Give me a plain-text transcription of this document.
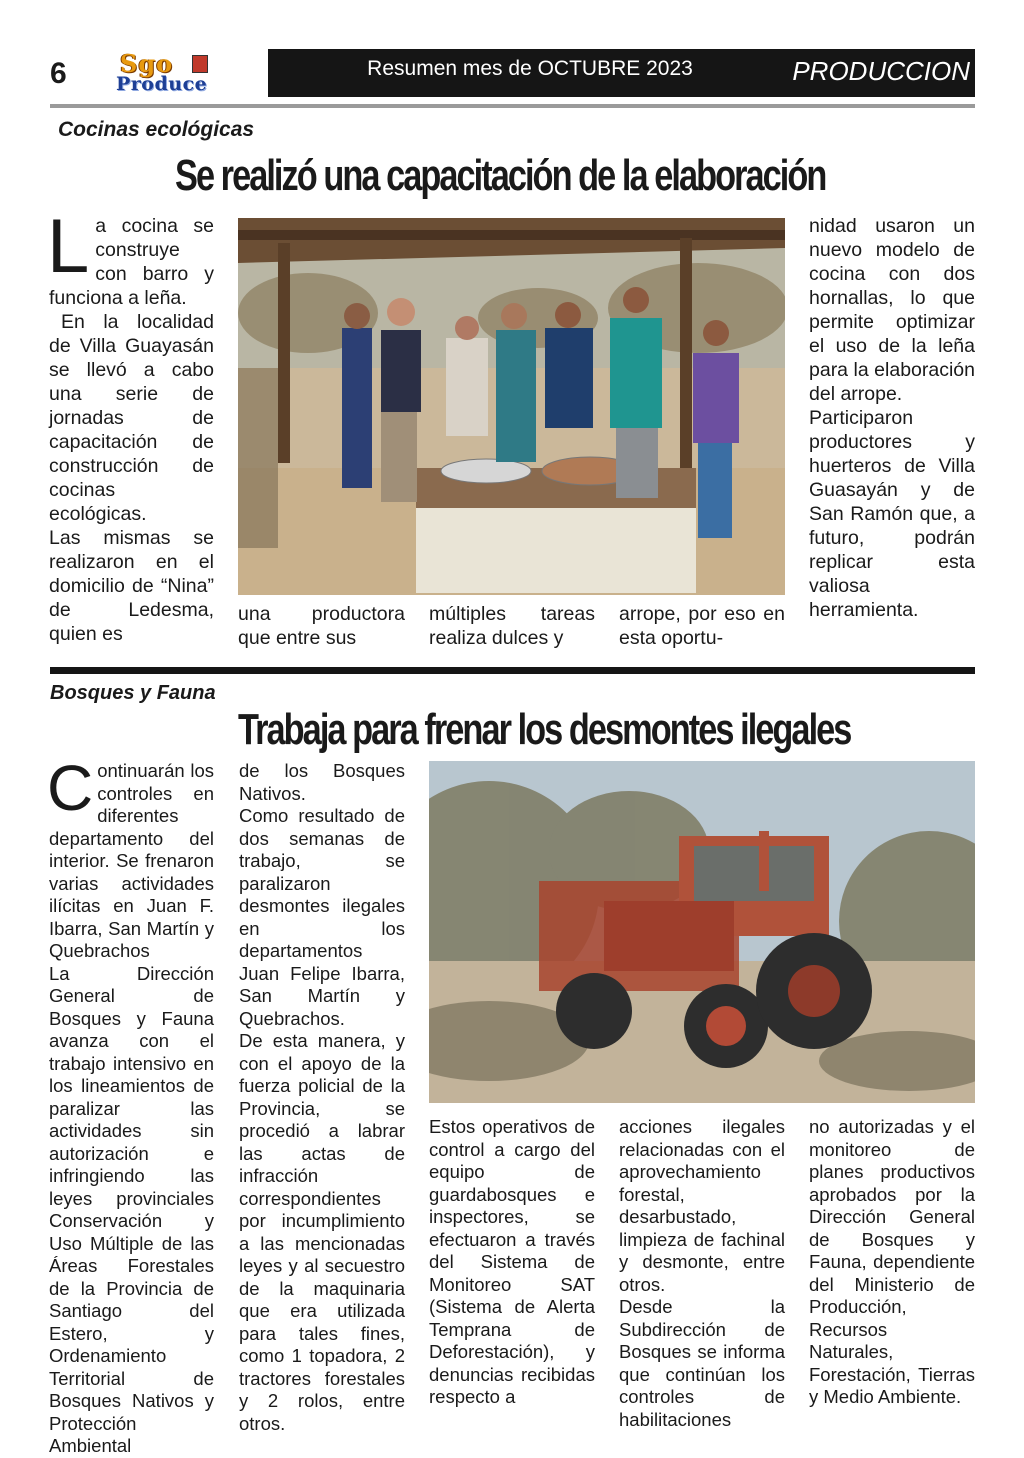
6	Sgo
Produce
Resumen mes de OCTUBRE 2023	PRODUCCION
Cocinas ecológicas
Se realizó una capacitación de la elaboración
L a cocina se construye con barro y funciona a leña.

En la localidad de Villa Guayasán se llevó a cabo una serie de jornadas de capacitación de construcción de cocinas ecológicas.

Las mismas se realizaron en el domicilio de “Nina” de Ledesma, quien es

una productora que entre sus

múltiples tareas realiza dulces y

arrope, por eso en esta oportu-

nidad usaron un nuevo modelo de cocina con dos hornallas, lo que permite optimizar el uso de la leña para la elaboración del arrope.

Participaron productores y huerteros de Villa Guasayán y de San Ramón que, a futuro, podrán replicar esta valiosa herramienta.

Bosques y Fauna
Trabaja para frenar los desmontes ilegales
C ontinuarán los controles en diferentes departamento del interior. Se frenaron varias actividades ilícitas en Juan F. Ibarra, San Martín y Quebrachos

La Dirección General de Bosques y Fauna avanza con el trabajo intensivo en los lineamientos de paralizar las actividades sin autorización e infringiendo las leyes provinciales Conservación y Uso Múltiple de las Áreas Forestales de la Provincia de Santiago del Estero, y Ordenamiento Territorial de Bosques Nativos y Protección Ambiental

de los Bosques Nativos.

Como resultado de dos semanas de trabajo, se paralizaron desmontes ilegales en los departamentos Juan Felipe Ibarra, San Martín y Quebrachos.

De esta manera, y con el apoyo de la fuerza policial de la Provincia, se procedió a labrar las actas de infracción correspondientes por incumplimiento a las mencionadas leyes y al secuestro de la maquinaria que era utilizada para tales fines, como 1 topadora, 2 tractores forestales y 2 rolos, entre otros.

Estos operativos de control a cargo del equipo de guardabosques e inspectores, se efectuaron a través del Sistema de Monitoreo SAT (Sistema de Alerta Temprana de Deforestación), y denuncias recibidas respecto a

acciones ilegales relacionadas con el aprovechamiento forestal, desarbustado, limpieza de fachinal y desmonte, entre otros.

Desde la Subdirección de Bosques se informa que continúan los controles de habilitaciones

no autorizadas y el monitoreo de planes productivos aprobados por la Dirección General de Bosques y Fauna, dependiente del Ministerio de Producción, Recursos Naturales, Forestación, Tierras y Medio Ambiente.
